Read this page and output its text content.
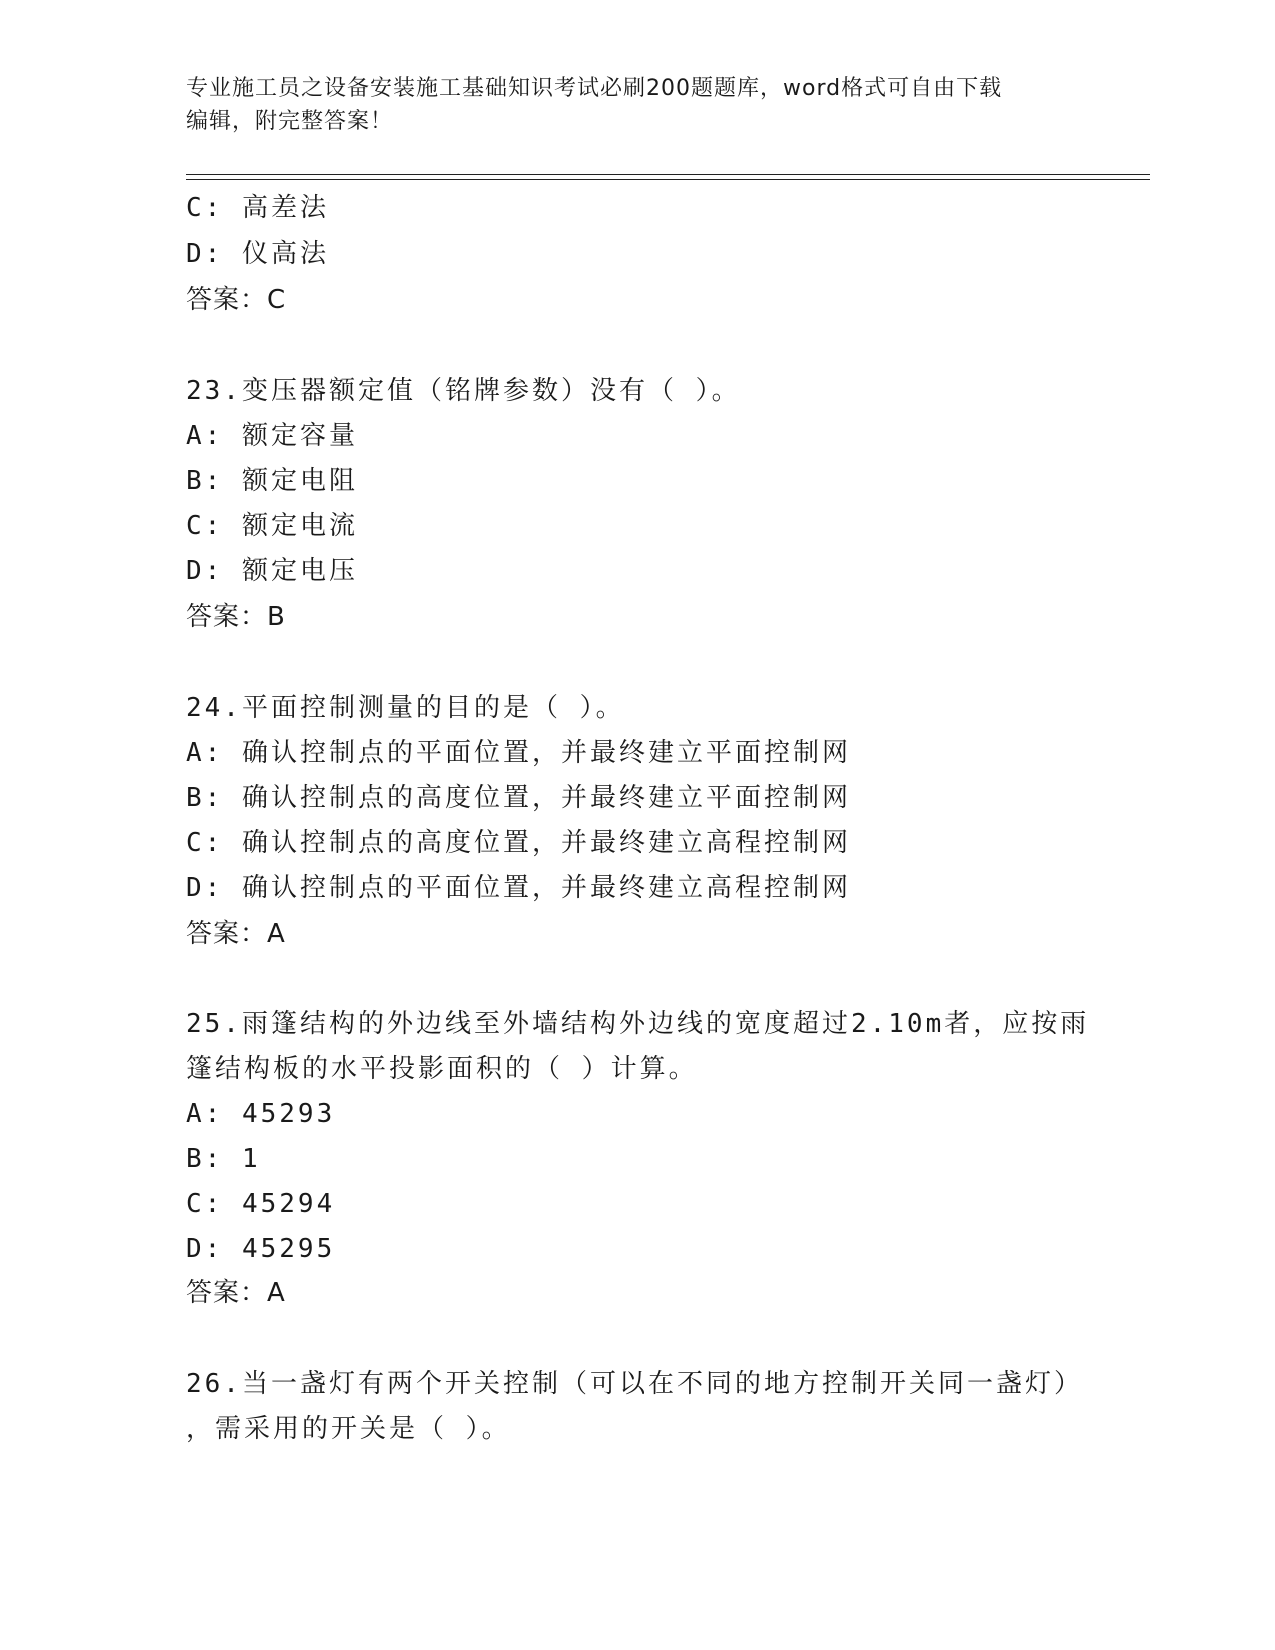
专业施工员之设备安装施工基础知识考试必刷200题题库，word格式可自由下载
编辑，附完整答案！
C: 高差法
D: 仪高法
答案：C
23.变压器额定值（铭牌参数）没有（ ）。
A: 额定容量
B: 额定电阻
C: 额定电流
D: 额定电压
答案：B
24.平面控制测量的目的是（ ）。
A: 确认控制点的平面位置，并最终建立平面控制网
B: 确认控制点的高度位置，并最终建立平面控制网
C: 确认控制点的高度位置，并最终建立高程控制网
D: 确认控制点的平面位置，并最终建立高程控制网
答案：A
25.雨篷结构的外边线至外墙结构外边线的宽度超过2.10m者，应按雨
篷结构板的水平投影面积的（ ）计算。
A: 45293
B: 1
C: 45294
D: 45295
答案：A
26.当一盏灯有两个开关控制（可以在不同的地方控制开关同一盏灯）
，需采用的开关是（ ）。
